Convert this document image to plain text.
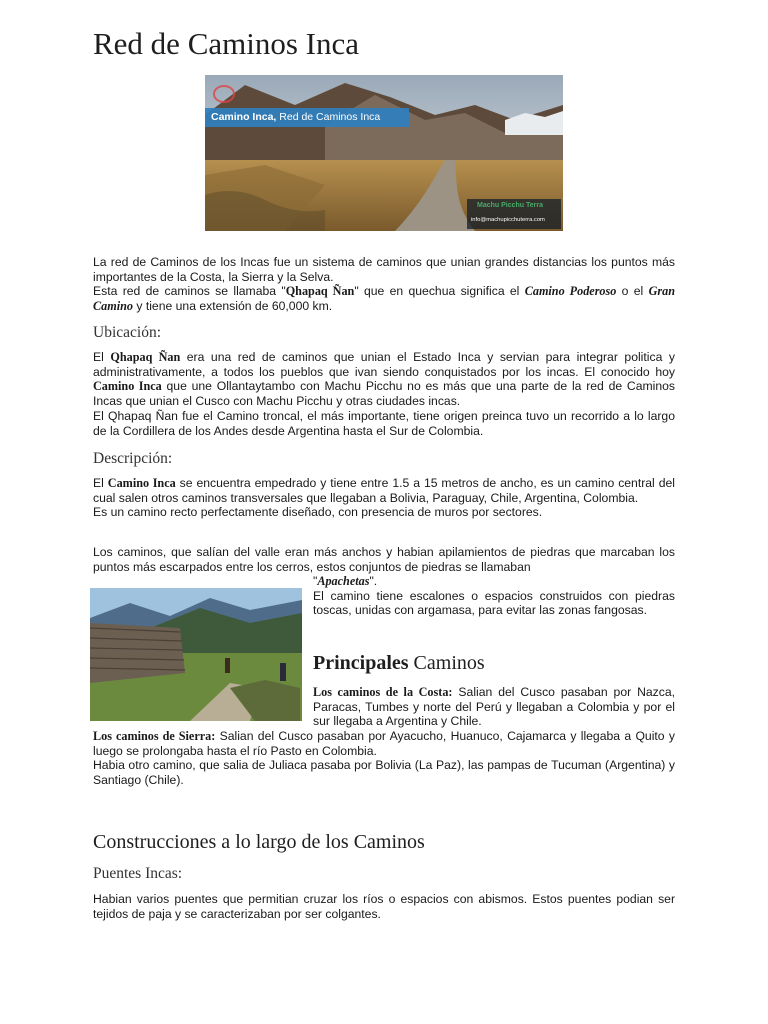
Red de Caminos Inca
Camino Inca, Red de Caminos Inca
Machu Picchu Terra
info@machupicchuterra.com

La red de Caminos de los Incas fue un sistema de caminos que unian grandes distancias los puntos más importantes de la Costa, la Sierra y la Selva.

Esta red de caminos se llamaba "Qhapaq Ñan" que en quechua significa el Camino Poderoso o el Gran Camino y tiene una extensión de 60,000 km.

Ubicación:

El Qhapaq Ñan era una red de caminos que unian el Estado Inca y servian para integrar politica y administrativamente, a todos los pueblos que ivan siendo conquistados por los incas. El conocido hoy Camino Inca que une Ollantaytambo con Machu Picchu no es más que una parte de la red de Caminos Incas que unian el Cusco con Machu Picchu y otras ciudades incas.

El Qhapaq Ñan fue el Camino troncal, el más importante, tiene origen preinca tuvo un recorrido a lo largo de la Cordillera de los Andes desde Argentina hasta el Sur de Colombia.

Descripción:

El Camino Inca se encuentra empedrado y tiene entre 1.5 a 15 metros de ancho, es un camino central del cual salen otros caminos transversales que llegaban a Bolivia, Paraguay, Chile, Argentina, Colombia.

Es un camino recto perfectamente diseñado, con presencia de muros por sectores.

Los caminos, que salían del valle eran más anchos y habian apilamientos de piedras que marcaban los puntos más escarpados entre los cerros, estos conjuntos de piedras se llamaban

"Apachetas".

El camino tiene escalones o espacios construidos con piedras toscas, unidas con argamasa, para evitar las zonas fangosas.

Principales Caminos

Los caminos de la Costa: Salian del Cusco pasaban por Nazca, Paracas, Tumbes y norte del Perú y llegaban a Colombia y por el sur llegaba a Argentina y Chile.

Los caminos de Sierra: Salian del Cusco pasaban por Ayacucho, Huanuco, Cajamarca y llegaba a Quito y luego se prolongaba hasta el río Pasto en Colombia.

Habia otro camino, que salia de Juliaca pasaba por Bolivia (La Paz), las pampas de Tucuman (Argentina) y Santiago (Chile).

Construcciones a lo largo de los Caminos
Puentes Incas:

Habian varios puentes que permitian cruzar los ríos o espacios con abismos. Estos puentes podian ser tejidos de paja y se caracterizaban por ser colgantes.
